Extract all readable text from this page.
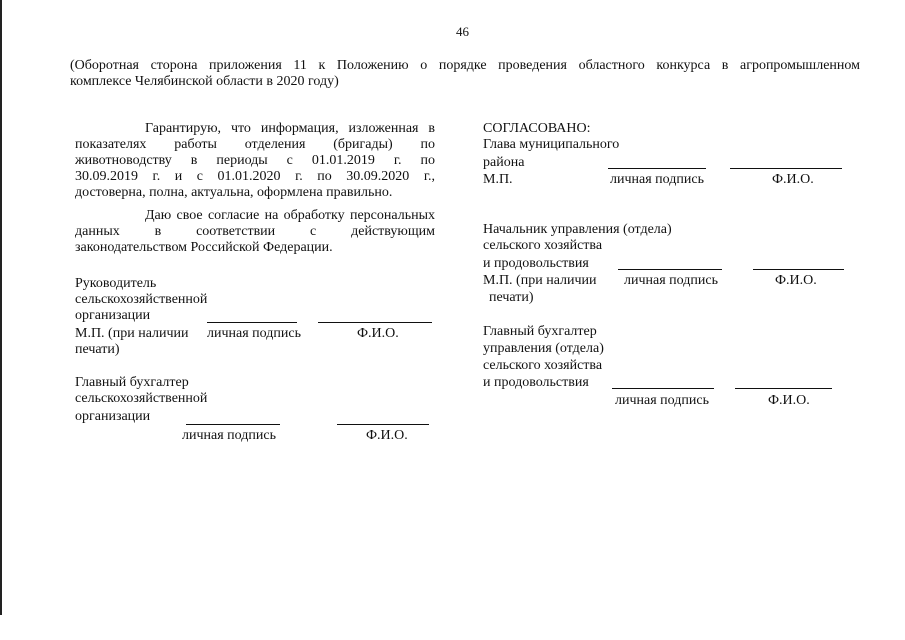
46
(Оборотная сторона приложения 11 к Положению о порядке проведения областного конкурса в агропромышленном
комплексе Челябинской области в 2020 году)
Гарантирую, что информация, изложенная в
показателях работы отделения (бригады) по
животноводству в периоды с 01.01.2019 г. по
30.09.2019 г. и с 01.01.2020 г. по 30.09.2020 г.,
достоверна, полна, актуальна, оформлена правильно.
Даю свое согласие на обработку персональных
данных в соответствии с действующим
законодательством Российской Федерации.
Руководитель
сельскохозяйственной
организации
М.П. (при наличии личная подпись	Ф.И.О.
печати)
Главный бухгалтер
сельскохозяйственной
организации
личная подпись	Ф.И.О.
СОГЛАСОВАНО:
Глава муниципального
района
М.П.	личная подпись	Ф.И.О.
Начальник управления (отдела)
сельского хозяйства
и продовольствия
М.П. (при наличии личная подпись	Ф.И.О.
печати)
Главный бухгалтер
управления (отдела)
сельского хозяйства
и продовольствия
личная подпись	Ф.И.О.
